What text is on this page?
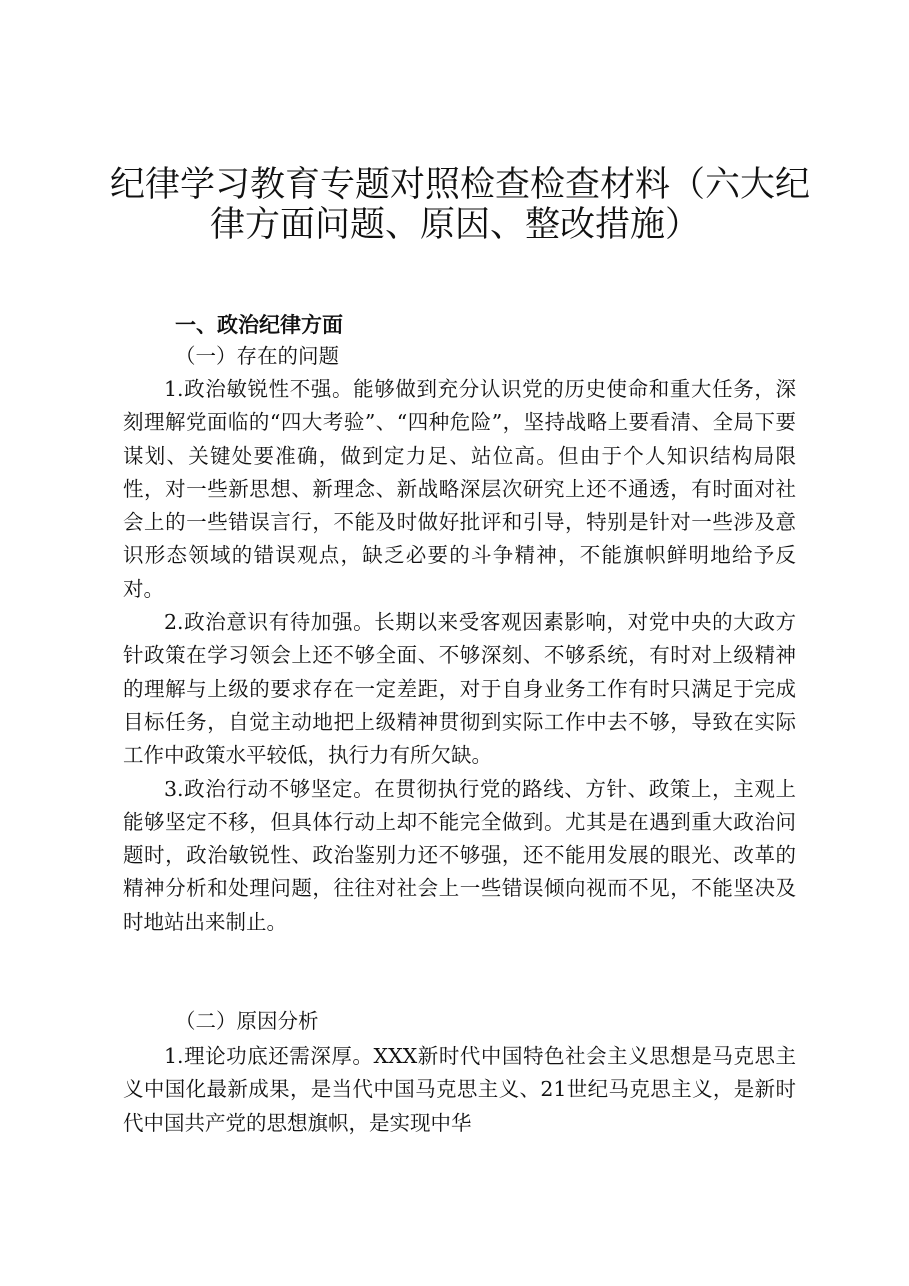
纪律学习教育专题对照检查检查材料（六大纪
律方面问题、原因、整改措施）
一、政治纪律方面
（一）存在的问题

1.政治敏锐性不强。能够做到充分认识党的历史使命和重大任务，深刻理解党面临的“四大考验”、“四种危险”，坚持战略上要看清、全局下要谋划、关键处要准确，做到定力足、站位高。但由于个人知识结构局限性，对一些新思想、新理念、新战略深层次研究上还不通透，有时面对社会上的一些错误言行，不能及时做好批评和引导，特别是针对一些涉及意识形态领域的错误观点，缺乏必要的斗争精神，不能旗帜鲜明地给予反对。

2.政治意识有待加强。长期以来受客观因素影响，对党中央的大政方针政策在学习领会上还不够全面、不够深刻、不够系统，有时对上级精神的理解与上级的要求存在一定差距，对于自身业务工作有时只满足于完成目标任务，自觉主动地把上级精神贯彻到实际工作中去不够，导致在实际工作中政策水平较低，执行力有所欠缺。

3.政治行动不够坚定。在贯彻执行党的路线、方针、政策上，主观上能够坚定不移，但具体行动上却不能完全做到。尤其是在遇到重大政治问题时，政治敏锐性、政治鉴别力还不够强，还不能用发展的眼光、改革的精神分析和处理问题，往往对社会上一些错误倾向视而不见，不能坚决及时地站出来制止。

（二）原因分析

1.理论功底还需深厚。XXX新时代中国特色社会主义思想是马克思主义中国化最新成果，是当代中国马克思主义、21世纪马克思主义，是新时代中国共产党的思想旗帜，是实现中华
